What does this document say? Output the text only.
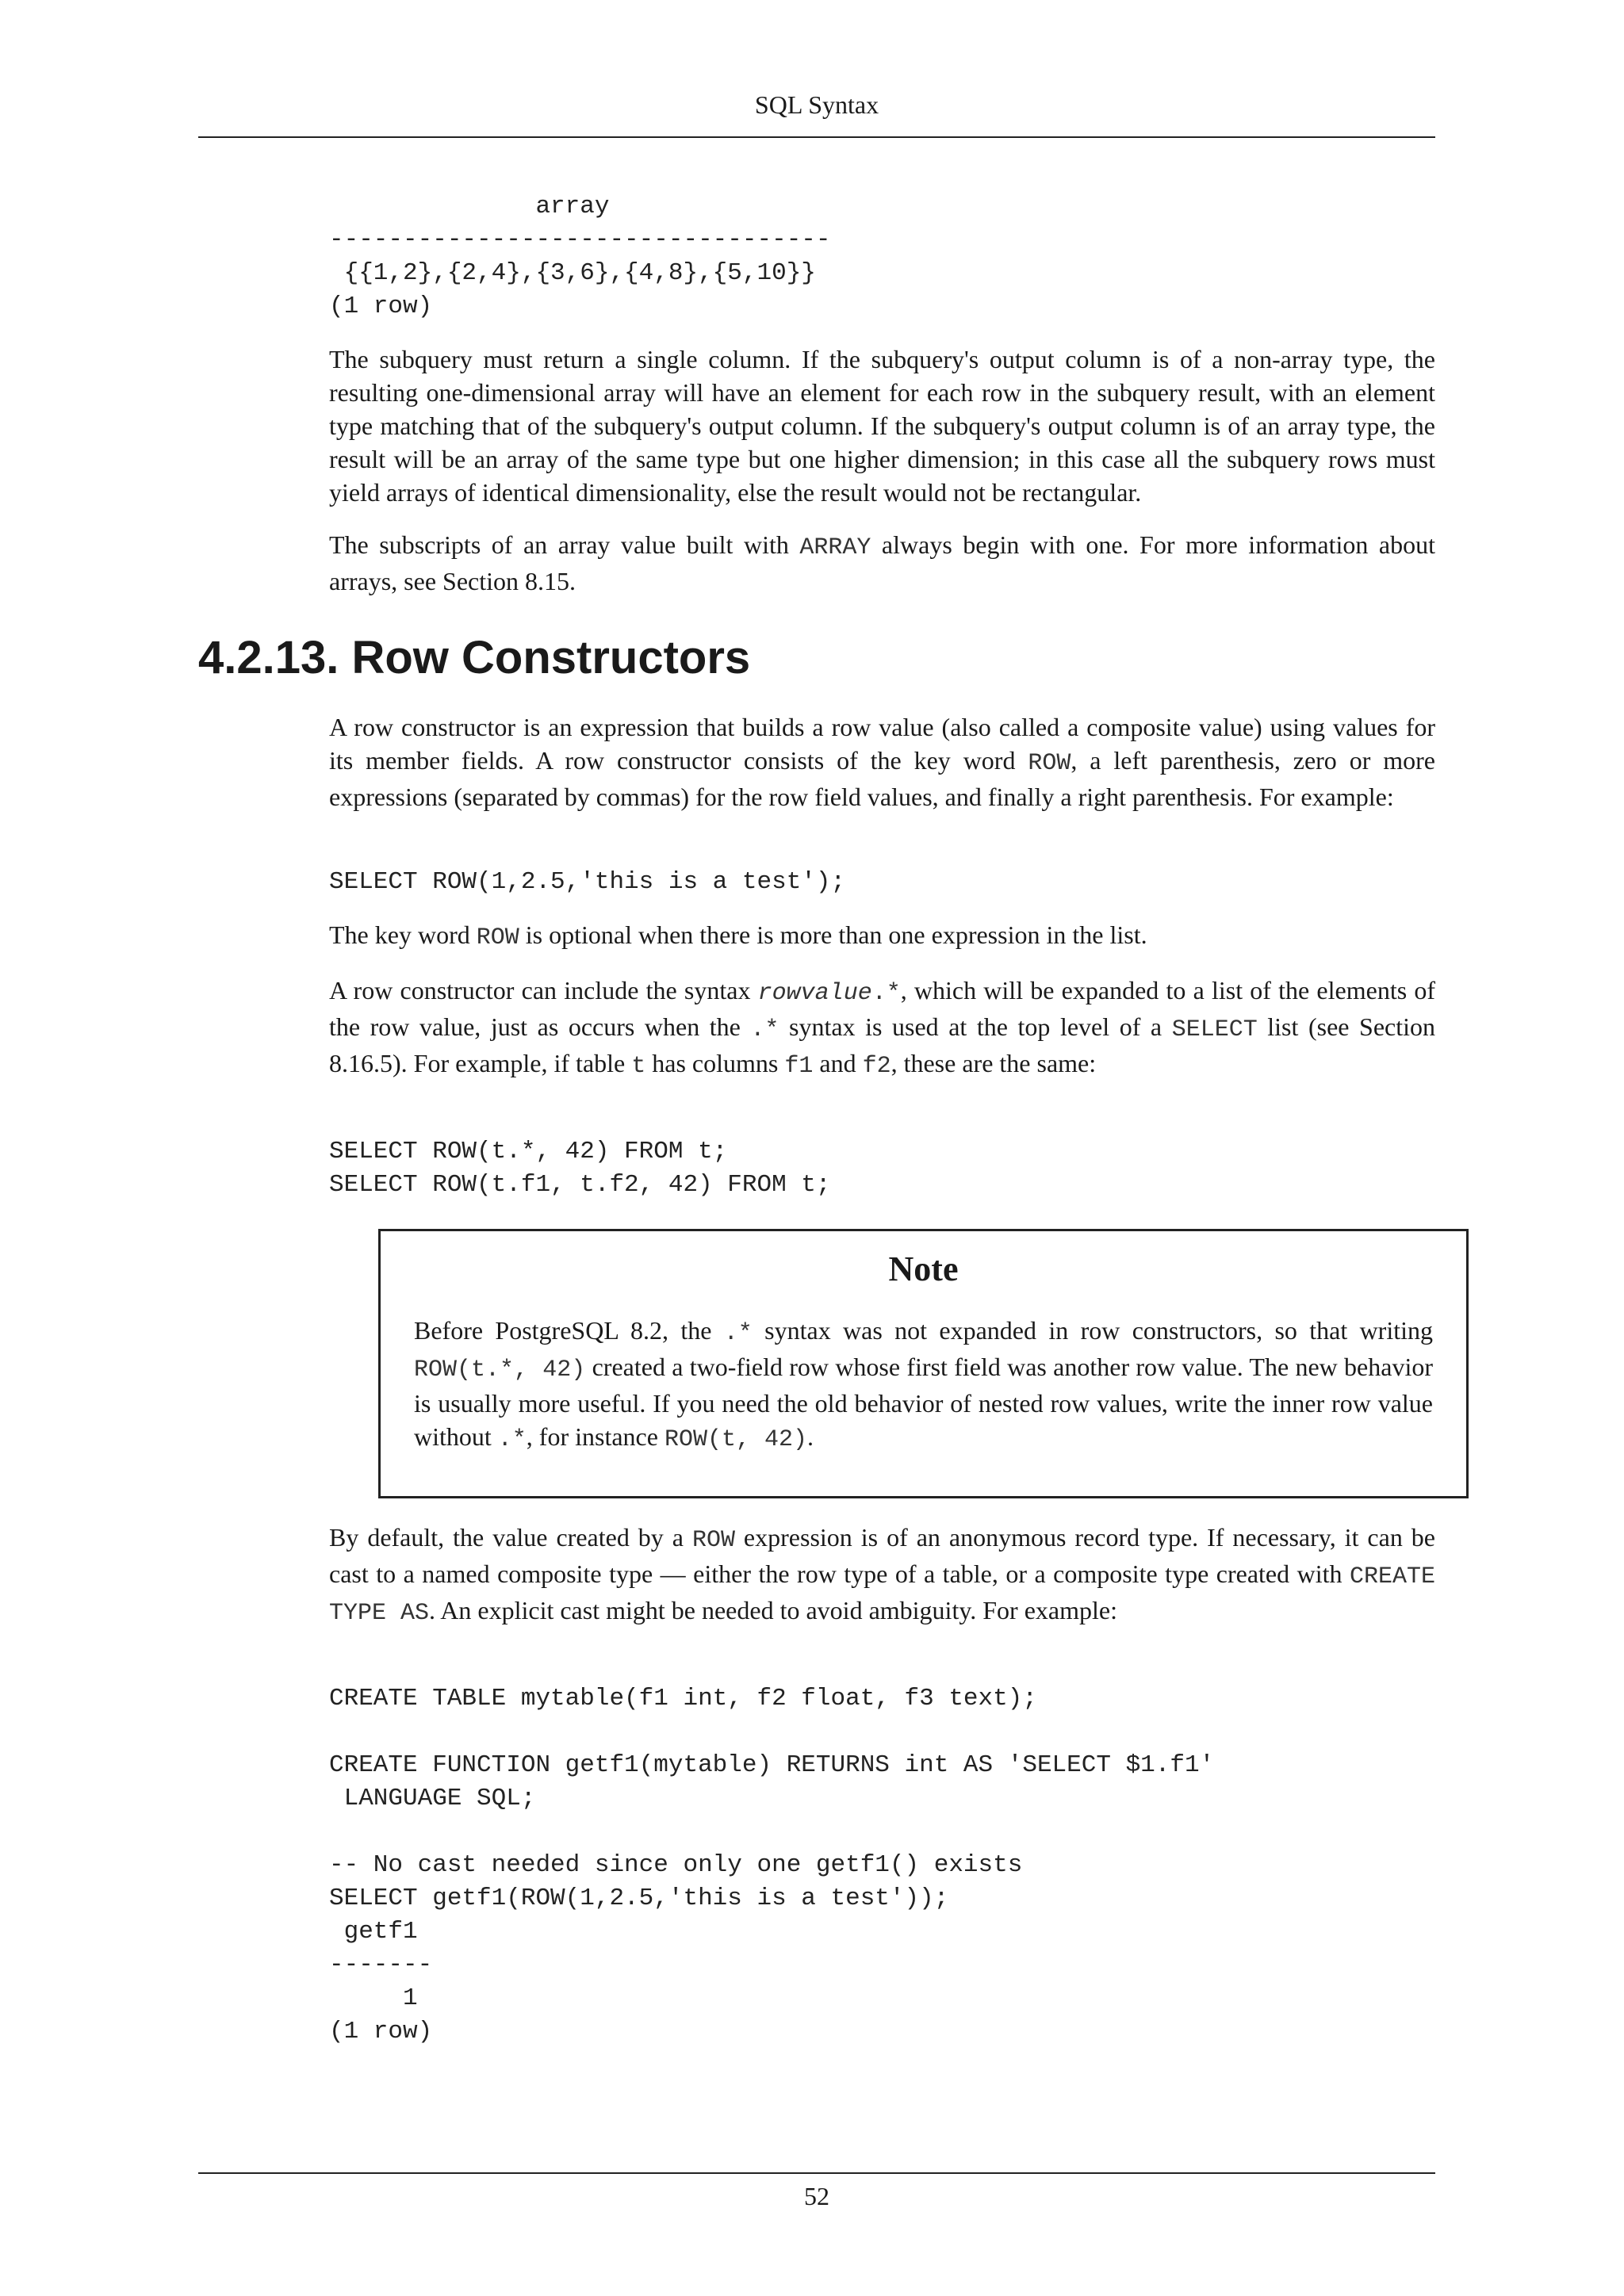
SQL Syntax
array
----------------------------------
{{1,2},{2,4},{3,6},{4,8},{5,10}}
(1 row)

The subquery must return a single column. If the subquery's output column is of a non-array type, the resulting one-dimensional array will have an element for each row in the subquery result, with an element type matching that of the subquery's output column. If the subquery's output column is of an array type, the result will be an array of the same type but one higher dimension; in this case all the subquery rows must yield arrays of identical dimensionality, else the result would not be rectangular.

The subscripts of an array value built with ARRAY always begin with one. For more information about arrays, see Section 8.15.

4.2.13. Row Constructors

A row constructor is an expression that builds a row value (also called a composite value) using values for its member fields. A row constructor consists of the key word ROW, a left parenthesis, zero or more expressions (separated by commas) for the row field values, and finally a right parenthesis. For example:

SELECT ROW(1,2.5,'this is a test');

The key word ROW is optional when there is more than one expression in the list.

A row constructor can include the syntax rowvalue.*, which will be expanded to a list of the elements of the row value, just as occurs when the .* syntax is used at the top level of a SELECT list (see Section 8.16.5). For example, if table t has columns f1 and f2, these are the same:

SELECT ROW(t.*, 42) FROM t;
SELECT ROW(t.f1, t.f2, 42) FROM t;
Note

Before PostgreSQL 8.2, the .* syntax was not expanded in row constructors, so that writing ROW(t.*, 42) created a two-field row whose first field was another row value. The new behavior is usually more useful. If you need the old behavior of nested row values, write the inner row value without .*, for instance ROW(t, 42).

By default, the value created by a ROW expression is of an anonymous record type. If necessary, it can be cast to a named composite type — either the row type of a table, or a composite type created with CREATE TYPE AS. An explicit cast might be needed to avoid ambiguity. For example:

CREATE TABLE mytable(f1 int, f2 float, f3 text);

CREATE FUNCTION getf1(mytable) RETURNS int AS 'SELECT $1.f1'
LANGUAGE SQL;

-- No cast needed since only one getf1() exists
SELECT getf1(ROW(1,2.5,'this is a test'));
getf1
-------
1
(1 row)
52
